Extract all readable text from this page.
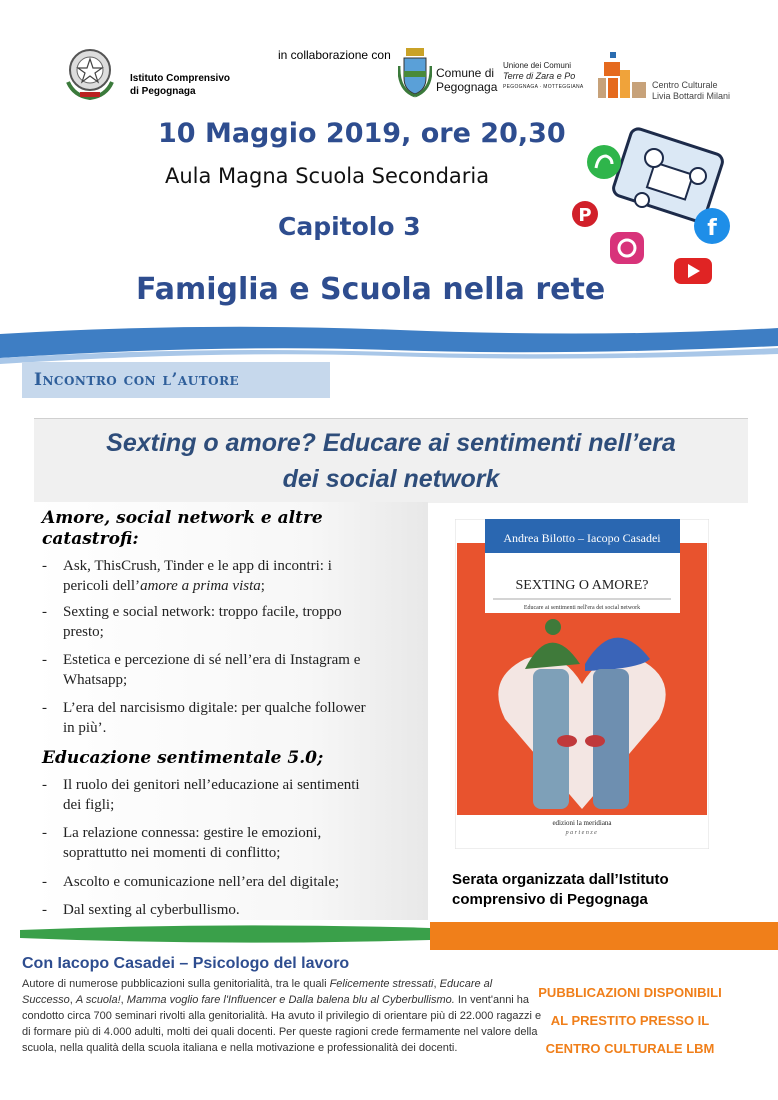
Istituto Comprensivo
di Pegognaga
in collaborazione con
Comune di
Pegognaga
Unione dei Comuni
Terre di Zara e Po
PEGOGNAGA · MOTTEGGIANA	Centro Culturale
Livia Bottardi Milani
10 Maggio 2019, ore 20,30
Aula Magna Scuola Secondaria
Capitolo 3
Famiglia e Scuola nella rete
P
f
Incontro con l’autore
Sexting o amore? Educare ai sentimenti nell’era
dei social network
Amore, social network e altre
catastrofi:
- Ask, ThisCrush, Tinder e le app di incontri: i
pericoli dell’amore a prima vista;
- Sexting e social network: troppo facile, troppo
presto;
- Estetica e percezione di sé nell’era di Instagram e
Whatsapp;
- L’era del narcisismo digitale: per qualche follower
in più’.
Educazione sentimentale 5.0;
- Il ruolo dei genitori nell’educazione ai sentimenti
dei figli;
- La relazione connessa: gestire le emozioni,
soprattutto nei momenti di conflitto;
- Ascolto e comunicazione nell’era del digitale;
- Dal sexting al cyberbullismo.
Andrea Bilotto – Iacopo Casadei
SEXTING O AMORE?
Educare ai sentimenti nell'era dei social network
edizioni la meridiana
partenze
Serata organizzata dall’Istituto
comprensivo di Pegognaga
Con Iacopo Casadei – Psicologo del lavoro
Autore di numerose pubblicazioni sulla genitorialità, tra le quali Felicemente stressati, Educare al Successo, A scuola!, Mamma voglio fare l'Influencer e Dalla balena blu al Cyberbullismo. In vent'anni ha condotto circa 700 seminari rivolti alla genitorialità. Ha avuto il privilegio di orientare più di 22.000 ragazzi e di formare più di 4.000 adulti, molti dei quali docenti. Per queste ragioni crede fermamente nel valore della scuola, nella qualità della scuola italiana e nella motivazione e professionalità dei docenti.
PUBBLICAZIONI DISPONIBILI
AL PRESTITO PRESSO IL
CENTRO CULTURALE LBM
